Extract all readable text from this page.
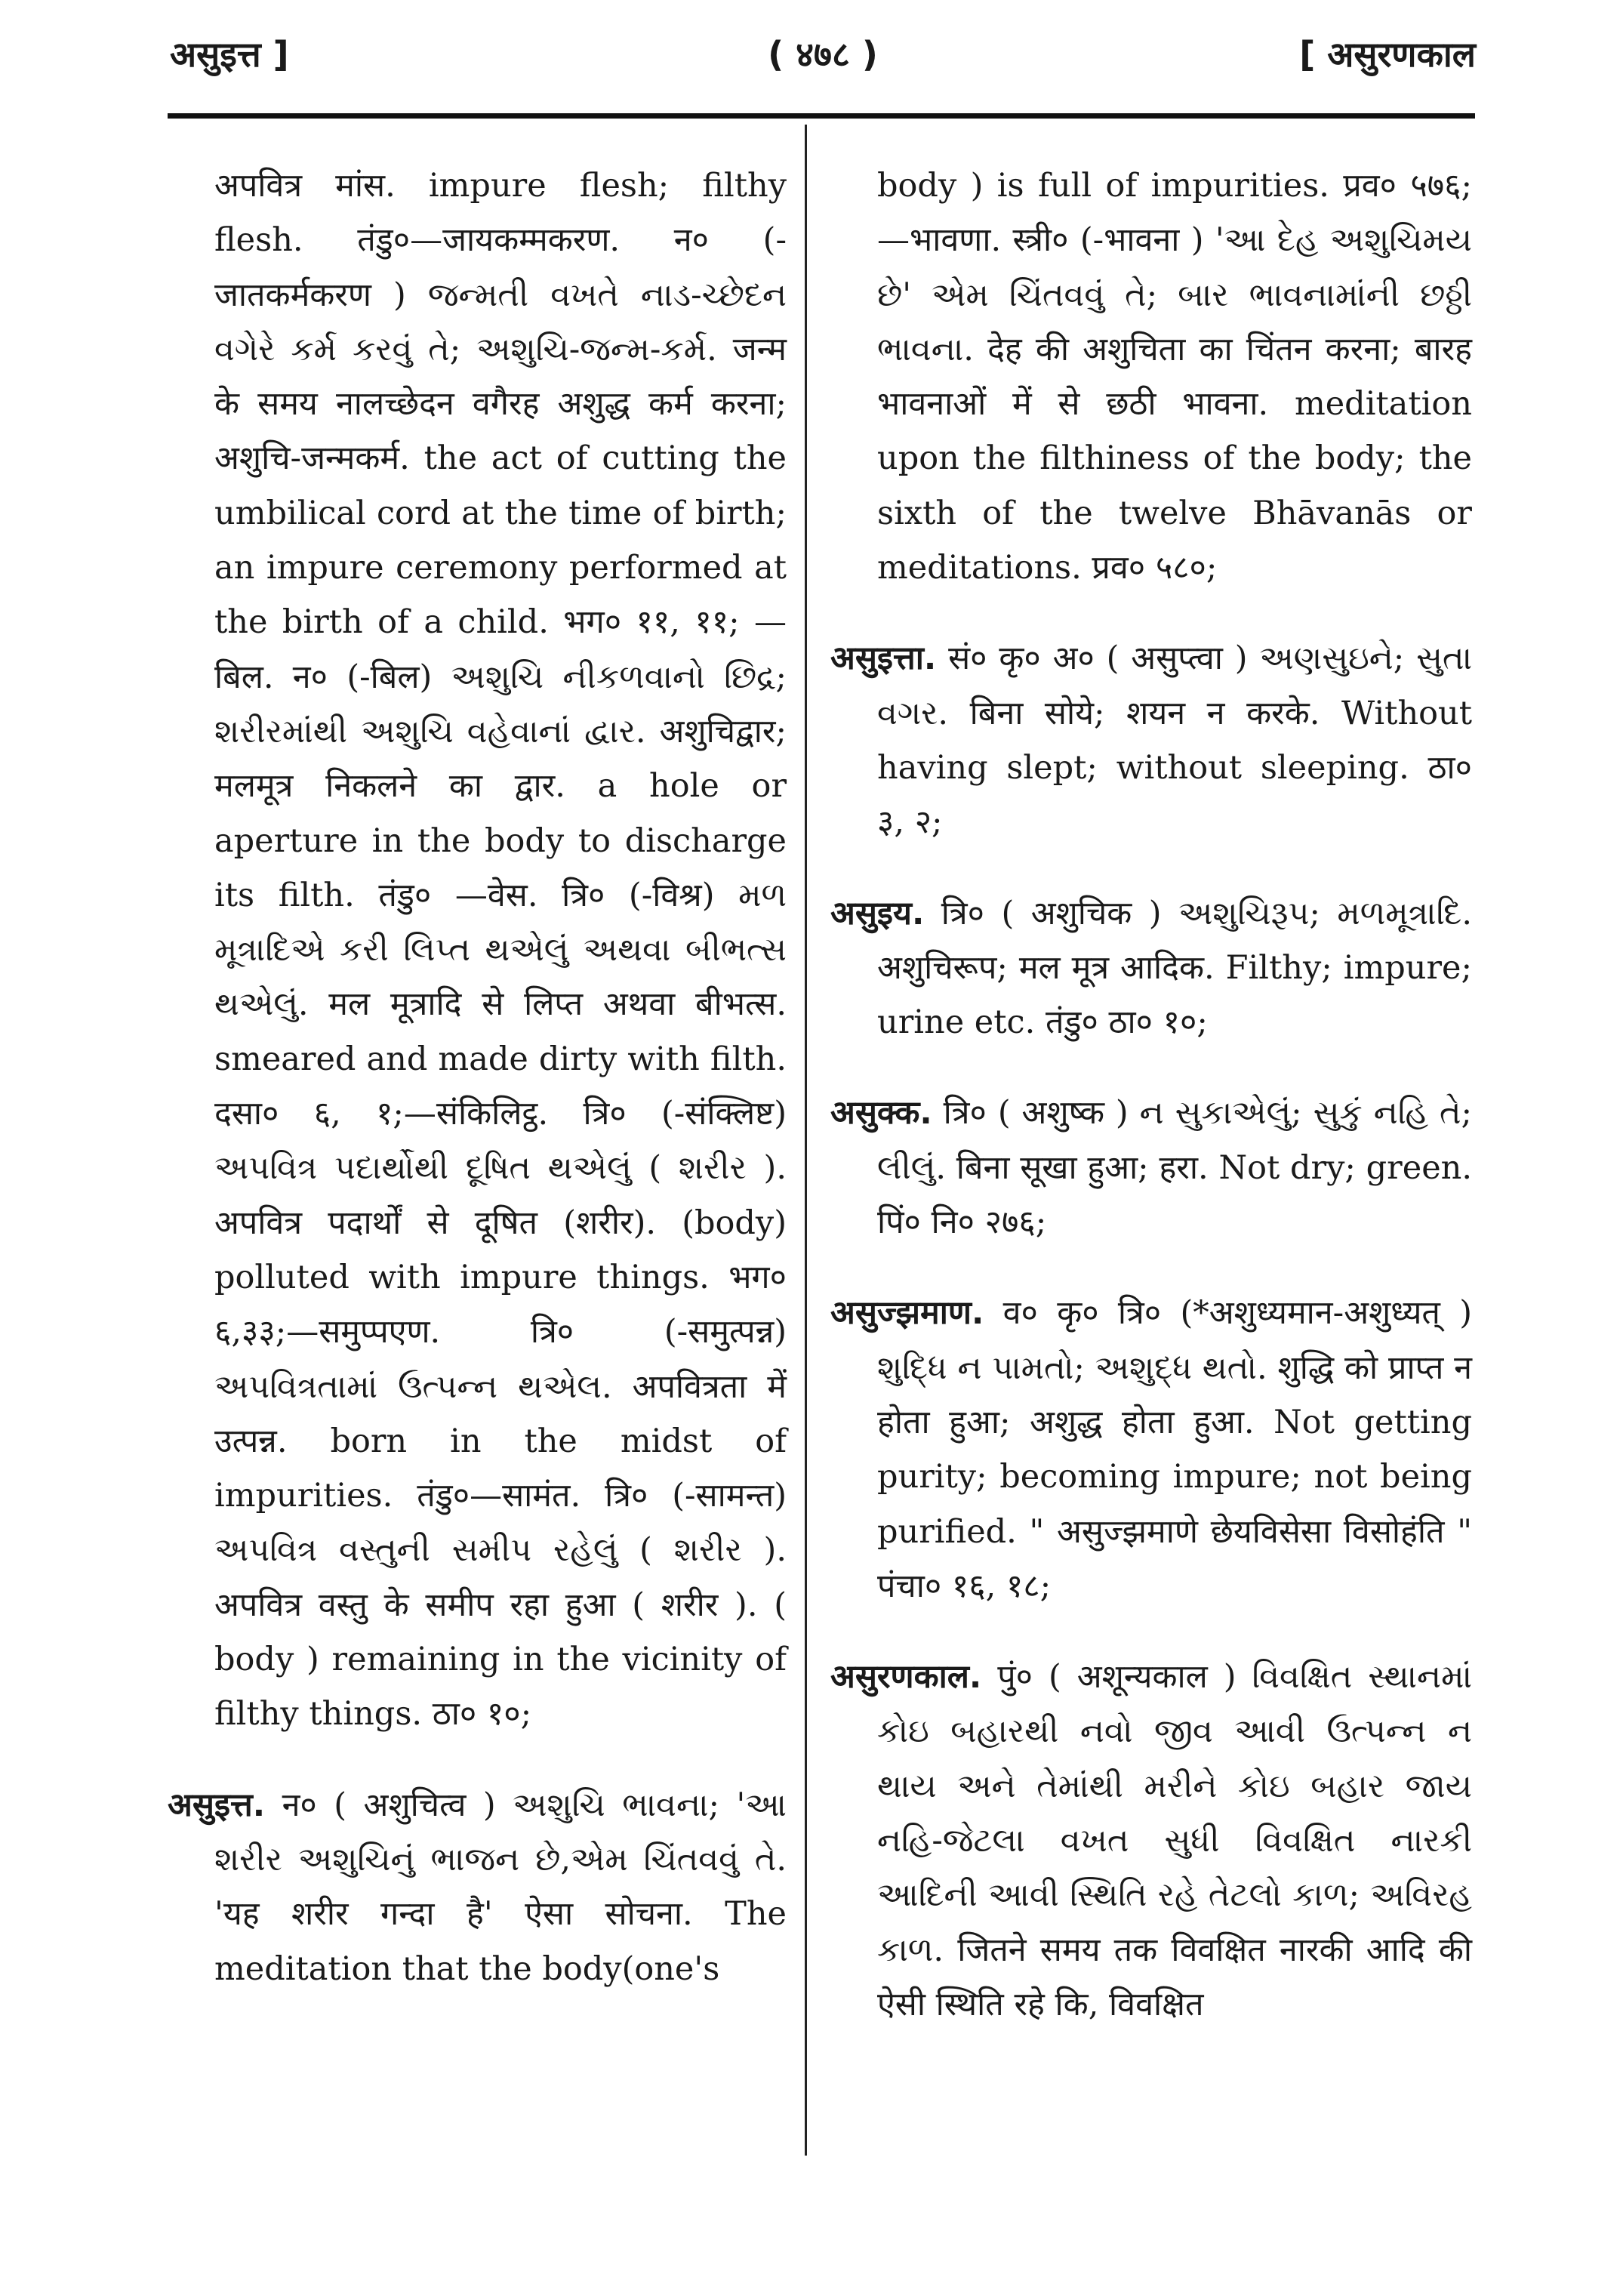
असुइत्त ]	( ४७८ )	[ असुरणकाल

अपवित्र मांस. impure flesh; filthy flesh. तंडु०—जायकम्मकरण. न० (-जातकर्मकरण ) જન્મતી વખતે નાડ-ચ્છેદન વગેરે કર્મ કરવું તે; અશુચિ-જન્મ-કર્મ. जन्म के समय नालच्छेदन वगैरह अशुद्ध कर्म करना; अशुचि-जन्मकर्म. the act of cutting the umbilical cord at the time of birth; an impure ceremony performed at the birth of a child. भग० ११, ११; —बिल. न० (-बिल) અશુચિ નીકળવાનો છિદ્ર; શરીરમાંથી અશુચિ વહેવાનાં દ્વાર. अशुचिद्वार; मलमूत्र निकलने का द्वार. a hole or aperture in the body to discharge its filth. तंडु० —वेस. त्रि० (-विश्र) મળ મૂત્રાદિએ કરી લિપ્ત થએલું અથવા બીભત્સ થએલું. मल मूत्रादि से लिप्त अथवा बीभत्स. smeared and made dirty with filth. दसा० ६, १;—संकिलिट्ठ. त्रि० (-संक्लिष्ट) અપવિત્ર પદાર્થોથી દૂષિત થએલું ( શરીર ). अपवित्र पदार्थों से दूषित (शरीर). (body) polluted with impure things. भग० ६,३३;—समुप्पएण. त्रि० (-समुत्पन्न) અપવિત્રતામાં ઉત્પન્ન થએલ. अपवित्रता में उत्पन्न. born in the midst of impurities. तंडु०—सामंत. त्रि० (-सामन्त) અપવિત્ર વસ્તુની સમીપ રહેલું ( શરીર ). अपवित्र वस्तु के समीप रहा हुआ ( शरीर ). ( body ) remaining in the vicinity of filthy things. ठा० १०;

असुइत्त. न० ( अशुचित्व ) અશુચિ ભાવના; 'આ શરીર અશુચિનું ભાજન છે,એમ ચિંતવવું તે. 'यह शरीर गन्दा है' ऐसा सोचना. The meditation that the body(one's

body ) is full of impurities. प्रव० ५७६;—भावणा. स्त्री० (-भावना ) 'આ દેહ અશુચિમય છે' એમ ચિંતવવું તે; બાર ભાવનામાંની છઠ્ઠી ભાવના. देह की अशुचिता का चिंतन करना; बारह भावनाओं में से छठी भावना. meditation upon the filthiness of the body; the sixth of the twelve Bhāvanās or meditations. प्रव० ५८०;

असुइत्ता. सं० कृ० अ० ( असुप्त्वा ) અણસુઇને; સુતા વગર. बिना सोये; शयन न करके. Without having slept; without sleeping. ठा० ३, २;

असुइय. त्रि० ( अशुचिक ) અશુચિરૂપ; મળમૂત્રાદિ. अशुचिरूप; मल मूत्र आदिक. Filthy; impure; urine etc. तंडु० ठा० १०;

असुक्क. त्रि० ( अशुष्क ) ન સુકાએલું; સુકું નહિ તે; લીલું. बिना सूखा हुआ; हरा. Not dry; green. पिं० नि० २७६;

असुज्झमाण. व० कृ० त्रि० (*अशुध्यमान-अशुध्यत् ) શુદ્ધિ ન પામતો; અશુદ્ધ થતો. शुद्धि को प्राप्त न होता हुआ; अशुद्ध होता हुआ. Not getting purity; becoming impure; not being purified. " असुज्झमाणे छेयविसेसा विसोहंति " पंचा० १६, १८;

असुरणकाल. पुं० ( अशून्यकाल ) વિવક્ષિત સ્થાનમાં કોઇ બહારથી નવો જીવ આવી ઉત્પન્ન ન થાય અને તેમાંથી મરીને કોઇ બહાર જાય નહિ-જેટલા વખત સુધી વિવક્ષિત નારકી આદિની આવી સ્થિતિ રહે તેટલો કાળ; અવિરહ કાળ. जितने समय तक विवक्षित नारकी आदि की ऐसी स्थिति रहे कि, विवक्षित
